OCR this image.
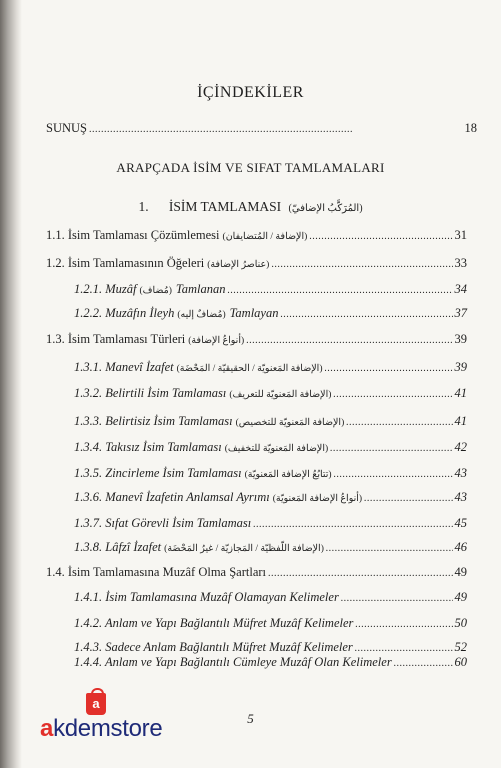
İÇİNDEKİLER
SUNUŞ . . .	18
ARAPÇADA İSİM VE SIFAT TAMLAMALARI
1. İSİM TAMLAMASI (المُرَكَّبُ الإضافيّ)
1.1. İsim Tamlaması Çözümlemesi (الإضافة / المُتضايفان) . . .	31
1.2. İsim Tamlamasının Öğeleri (عناصرُ الإضافة) . . .	33
1.2.1. Muzâf (مُضاف) Tamlanan . . .	34
1.2.2. Muzâfın İleyh (مُضافٌ إليه) Tamlayan . . .	37
1.3. İsim Tamlaması Türleri (أنواعُ الإضافة) . . .	39
1.3.1. Manevî İzafet (الإضافة المَعنويّة / الحقيقيّة / المَحْضَة) . . .	39
1.3.2. Belirtili İsim Tamlaması (الإضافة المَعنويّة للتعريف) . . .	41
1.3.3. Belirtisiz İsim Tamlaması (الإضافة المَعنويّة للتخصيص) . . .	41
1.3.4. Takısız İsim Tamlaması (الإضافة المَعنويّة للتخفيف) . . .	42
1.3.5. Zincirleme İsim Tamlaması (تتابُعُ الإضافة المَعنويّة) . . .	43
1.3.6. Manevî İzafetin Anlamsal Ayrımı (أنواعُ الإضافة المَعنويّة) . . .	43
1.3.7. Sıfat Görevli İsim Tamlaması . . .	45
1.3.8. Lâfzî İzafet (الإضافة اللّفظيّة / المَجازيّة / غيرُ المَحْضَة) . . .	46
1.4. İsim Tamlamasına Muzâf Olma Şartları . . .	49
1.4.1. İsim Tamlamasına Muzâf Olamayan Kelimeler . . .	49
1.4.2. Anlam ve Yapı Bağlantılı Müfret Muzâf Kelimeler . . .	50
1.4.3. Sadece Anlam Bağlantılı Müfret Muzâf Kelimeler . . .	52
1.4.4. Anlam ve Yapı Bağlantılı Cümleye Muzâf Olan Kelimeler . . .	60
5
a
akdemstore
